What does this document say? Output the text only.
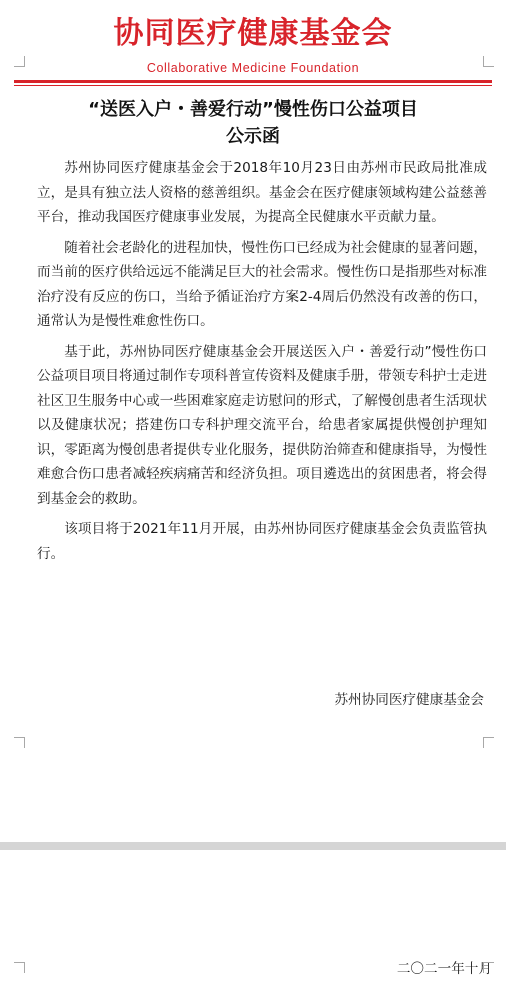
协同医疗健康基金会
Collaborative Medicine Foundation
“送医入户・善爱行动”慢性伤口公益项目
公示函

苏州协同医疗健康基金会于2018年10月23日由苏州市民政局批准成立，是具有独立法人资格的慈善组织。基金会在医疗健康领域构建公益慈善平台，推动我国医疗健康事业发展，为提高全民健康水平贡献力量。

随着社会老龄化的进程加快，慢性伤口已经成为社会健康的显著问题，而当前的医疗供给远远不能满足巨大的社会需求。慢性伤口是指那些对标准治疗没有反应的伤口，当给予循证治疗方案2-4周后仍然没有改善的伤口，通常认为是慢性难愈性伤口。

基于此，苏州协同医疗健康基金会开展送医入户・善爱行动”慢性伤口公益项目项目将通过制作专项科普宣传资料及健康手册，带领专科护士走进社区卫生服务中心或一些困难家庭走访慰问的形式，了解慢创患者生活现状以及健康状况；搭建伤口专科护理交流平台，给患者家属提供慢创护理知识，零距离为慢创患者提供专业化服务，提供防治筛查和健康指导，为慢性难愈合伤口患者减轻疾病痛苦和经济负担。项目遴选出的贫困患者，将会得到基金会的救助。

该项目将于2021年11月开展，由苏州协同医疗健康基金会负责监管执行。

苏州协同医疗健康基金会
二〇二一年十月
